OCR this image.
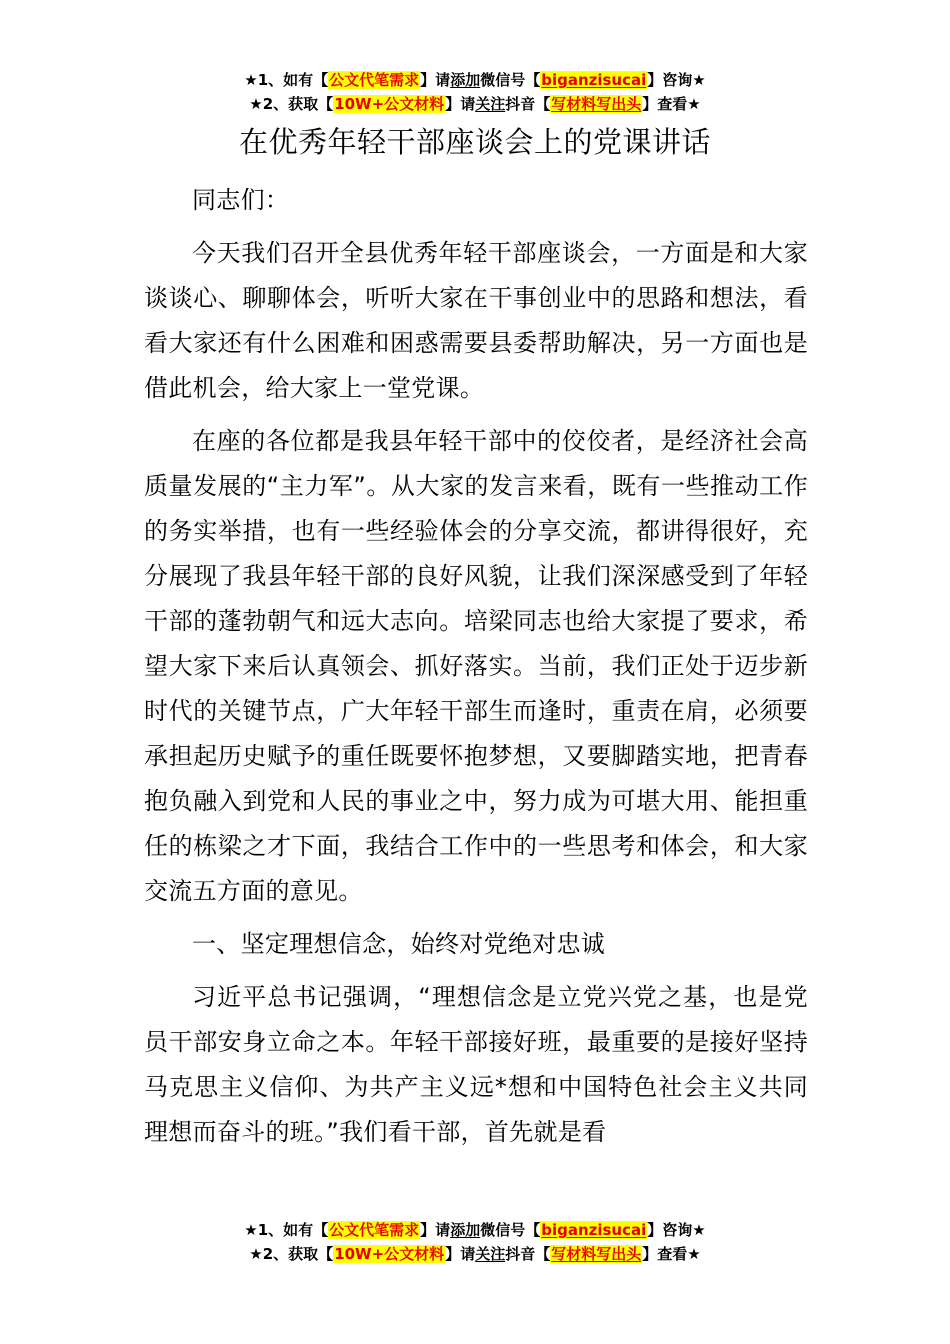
★1、如有【公文代笔需求】请添加微信号【biganzisucai】咨询★
★2、获取【10W+公文材料】请关注抖音【写材料写出头】查看★
在优秀年轻干部座谈会上的党课讲话

同志们：

今天我们召开全县优秀年轻干部座谈会，一方面是和大家谈谈心、聊聊体会，听听大家在干事创业中的思路和想法，看看大家还有什么困难和困惑需要县委帮助解决，另一方面也是借此机会，给大家上一堂党课。

在座的各位都是我县年轻干部中的佼佼者，是经济社会高质量发展的“主力军”。从大家的发言来看，既有一些推动工作的务实举措，也有一些经验体会的分享交流，都讲得很好，充分展现了我县年轻干部的良好风貌，让我们深深感受到了年轻干部的蓬勃朝气和远大志向。培梁同志也给大家提了要求，希望大家下来后认真领会、抓好落实。当前，我们正处于迈步新时代的关键节点，广大年轻干部生而逢时，重责在肩，必须要承担起历史赋予的重任既要怀抱梦想，又要脚踏实地，把青春抱负融入到党和人民的事业之中，努力成为可堪大用、能担重任的栋梁之才下面，我结合工作中的一些思考和体会，和大家交流五方面的意见。

一、坚定理想信念，始终对党绝对忠诚

习近平总书记强调，“理想信念是立党兴党之基，也是党员干部安身立命之本。年轻干部接好班，最重要的是接好坚持马克思主义信仰、为共产主义远*想和中国特色社会主义共同理想而奋斗的班。”我们看干部，首先就是看

★1、如有【公文代笔需求】请添加微信号【biganzisucai】咨询★
★2、获取【10W+公文材料】请关注抖音【写材料写出头】查看★
